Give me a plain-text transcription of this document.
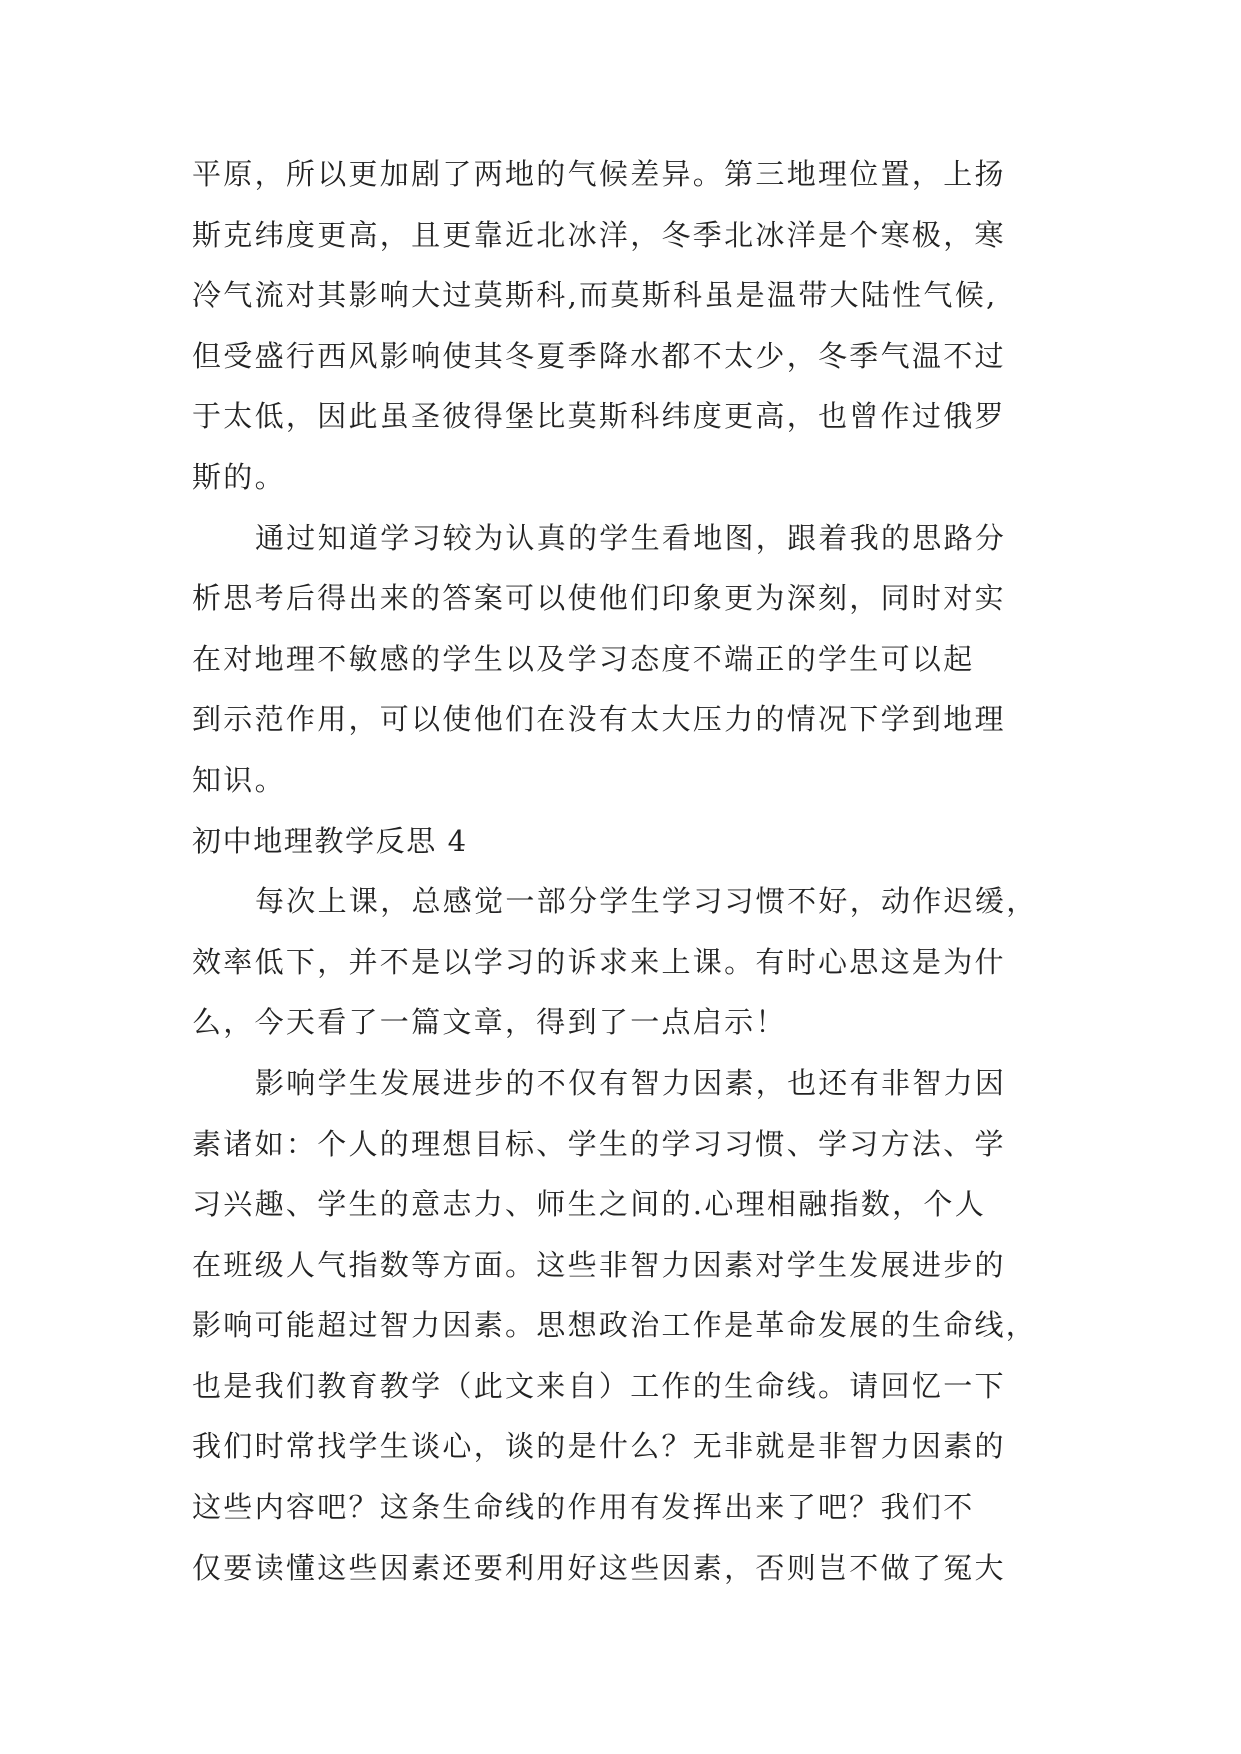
平原，所以更加剧了两地的气候差异。第三地理位置，上扬
斯克纬度更高，且更靠近北冰洋，冬季北冰洋是个寒极，寒
冷气流对其影响大过莫斯科,而莫斯科虽是温带大陆性气候,
但受盛行西风影响使其冬夏季降水都不太少，冬季气温不过
于太低，因此虽圣彼得堡比莫斯科纬度更高，也曾作过俄罗
斯的。
通过知道学习较为认真的学生看地图，跟着我的思路分
析思考后得出来的答案可以使他们印象更为深刻，同时对实
在对地理不敏感的学生以及学习态度不端正的学生可以起
到示范作用，可以使他们在没有太大压力的情况下学到地理
知识。
初中地理教学反思 4
每次上课，总感觉一部分学生学习习惯不好，动作迟缓，
效率低下，并不是以学习的诉求来上课。有时心思这是为什
么，今天看了一篇文章，得到了一点启示！
影响学生发展进步的不仅有智力因素，也还有非智力因
素诸如：个人的理想目标、学生的学习习惯、学习方法、学
习兴趣、学生的意志力、师生之间的.心理相融指数，个人
在班级人气指数等方面。这些非智力因素对学生发展进步的
影响可能超过智力因素。思想政治工作是革命发展的生命线，
也是我们教育教学（此文来自）工作的生命线。请回忆一下
我们时常找学生谈心，谈的是什么？无非就是非智力因素的
这些内容吧？这条生命线的作用有发挥出来了吧？我们不
仅要读懂这些因素还要利用好这些因素，否则岂不做了冤大
